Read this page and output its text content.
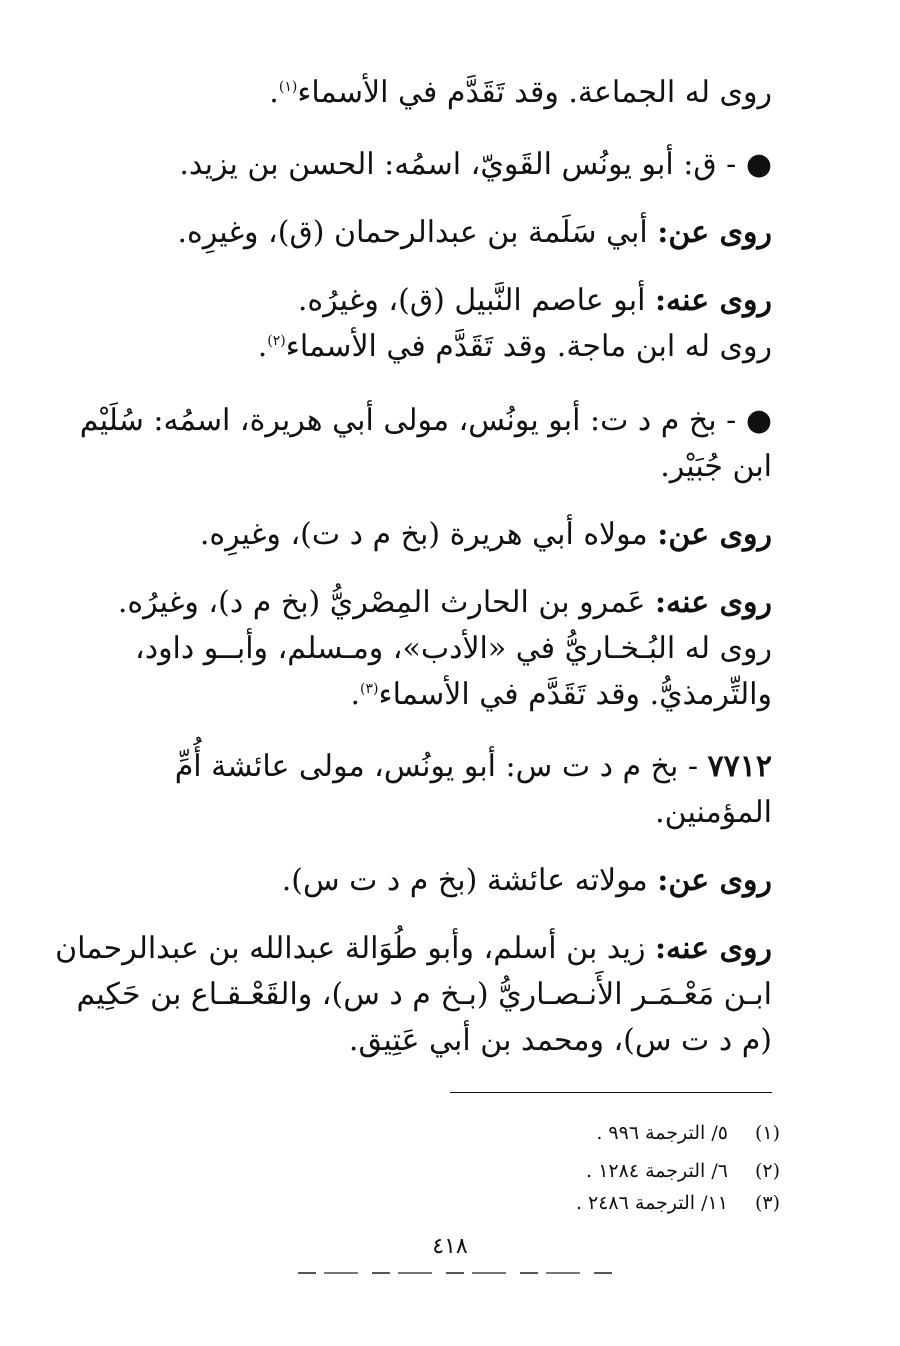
روى له الجماعة. وقد تَقَدَّم في الأسماء$^{(١)}$.
● - ق: أبو يونُس القَويّ، اسمُه: الحسن بن يزيد.
روى عن: أبي سَلَمة بن عبدالرحمان (ق)، وغيرِه.
روى عنه: أبو عاصم النَّبيل (ق)، وغيرُه.
روى له ابن ماجة. وقد تَقَدَّم في الأسماء$^{(٢)}$.
● - بخ م د ت: أبو يونُس، مولى أبي هريرة، اسمُه: سُلَيْم
ابن جُبَيْر.
روى عن: مولاه أبي هريرة (بخ م د ت)، وغيرِه.
روى عنه: عَمرو بن الحارث المِصْريُّ (بخ م د)، وغيرُه.
روى له البُـخـاريُّ في «الأدب»، ومـسلم، وأبــو داود،
والتِّرمذيُّ. وقد تَقَدَّم في الأسماء$^{(٣)}$.
٧٧١٢ - بخ م د ت س: أبو يونُس، مولى عائشة أُمِّ
المؤمنين.
روى عن: مولاته عائشة (بخ م د ت س).
روى عنه: زيد بن أسلم، وأبو طُوَالة عبدالله بن عبدالرحمان
ابـن مَعْـمَـر الأَنـصـاريُّ (بـخ م د س)، والقَعْـقـاع بن حَكِيم
(م د ت س)، ومحمد بن أبي عَتِيق.
(١) ٥/ الترجمة ٩٩٦ .
(٢) ٦/ الترجمة ١٢٨٤ .
(٣) ١١/ الترجمة ٢٤٨٦ .
٤١٨
